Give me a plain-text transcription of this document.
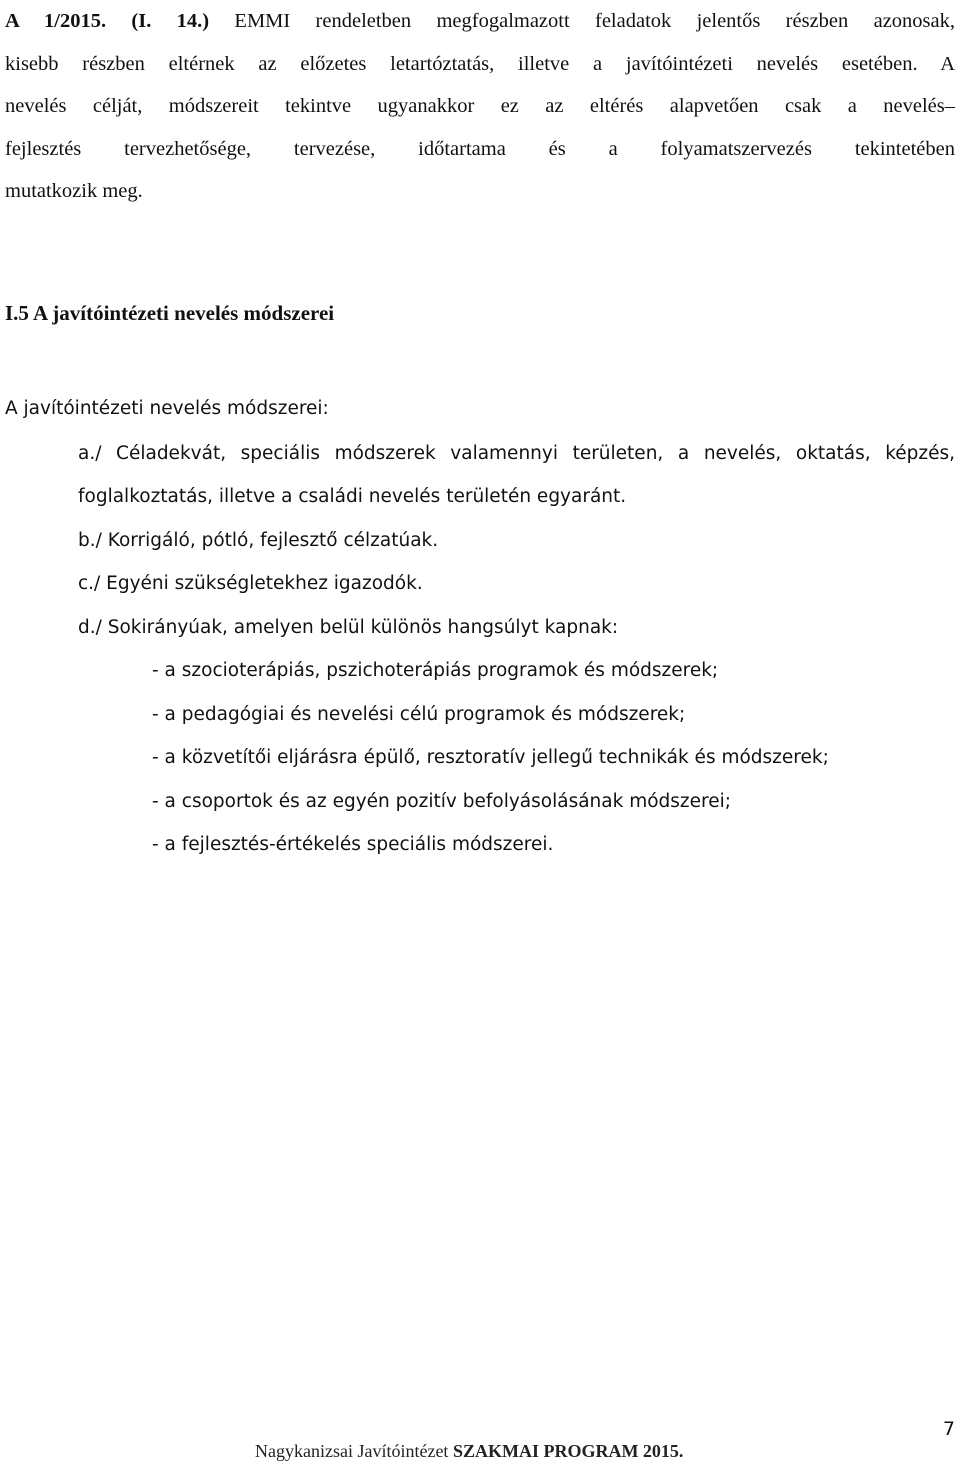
A 1/2015. (I. 14.) EMMI rendeletben megfogalmazott feladatok jelentős részben azonosak,
kisebb részben eltérnek az előzetes letartóztatás, illetve a javítóintézeti nevelés esetében. A
nevelés célját, módszereit tekintve ugyanakkor ez az eltérés alapvetően csak a nevelés–
fejlesztés tervezhetősége, tervezése, időtartama és a folyamatszervezés tekintetében
mutatkozik meg.
I.5 A javítóintézeti nevelés módszerei
A javítóintézeti nevelés módszerei:
a./ Céladekvát, speciális módszerek valamennyi területen, a nevelés, oktatás, képzés,
foglalkoztatás, illetve a családi nevelés területén egyaránt.
b./ Korrigáló, pótló, fejlesztő célzatúak.
c./ Egyéni szükségletekhez igazodók.
d./ Sokirányúak, amelyen belül különös hangsúlyt kapnak:
- a szocioterápiás, pszichoterápiás programok és módszerek;
- a pedagógiai és nevelési célú programok és módszerek;
- a közvetítői eljárásra épülő, resztoratív jellegű technikák és módszerek;
- a csoportok és az egyén pozitív befolyásolásának módszerei;
- a fejlesztés-értékelés speciális módszerei.
7
Nagykanizsai Javítóintézet SZAKMAI PROGRAM 2015.
